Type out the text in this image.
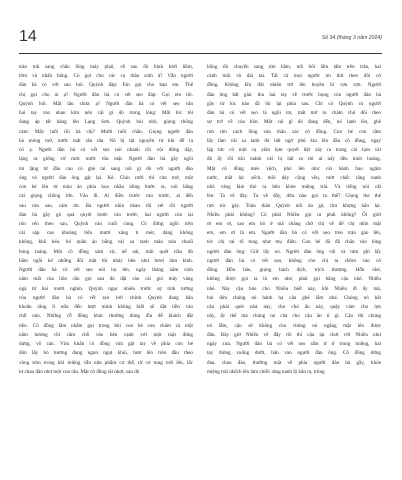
14	Số 34 (tháng 3 năm 2024)
tràn trải sang chân lông máy phải, về sau đó hình lưới liềm,
lờm và nhấn bông. Có gọi cho các cụ thân sinh ả? Vẫn người
đàn bà có với sao hỏi. Quỳnh đáp: Em gọi cho bạn em. Thế
chị gọi cho ai ạ? Người đàn bà có vết sẹo đáp: Gọi em tôi.
Quỳnh hỏi: Mặt lâu chưa ạ? Người đàn bà có vết sẹo vân
hai tay vào nhau kim nén cái gì đó trong lòng: Mất lúc tôi
đang áp tất hàng lên Lạng Sơn. Quỳnh hỏi nhỏ, giọng thông
cảm: Mấy tuổi rồi hả chị? Mười tuổi chẵn. Giọng người đàn
bà mỏng mờ, nước mắt rân rân. Nó bị tật nguyền từ khi để ra
cô ạ. Người đàn bà có vết sẹo nói nhanh rồi vội đứng dậy,
lặng ra giống vờ mức nước rửa mặt. Người đàn bà gầy ngồi
im lặng từ đầu cau có ghé tai sang nói gì đó với người đàn
ông và người đàn ông gật lại. Kẻ. Chín rưỡi thì cửa mở, một
con bé lên từ màu áo phía hoa nhầu hồng bước ra, nói bằng
cái giọng chồng lớn. Vào đi. Ai điền trước vào trước, ai đến
sau vào sau, cảm ơn. Ba người nhìn nhau rồi xét rồi người
đàn bà gầy gò quả quyết bước vào trước, hai người còn lại
rón rén theo sau, Quỳnh vào cuối cùng. Cô đứng ngồi trên
cái sập cao khoảng bốn mươi xăng ti mét, dáng không
không, khô héo, bó quần áo bằng vải xa tanh màu nón chuối
bóng loáng. Một cô đồng xám xịt, uể oải, mũi quết trầu đỏ
bầm ngồi kế những đôi mắt thì nháy bên như bươi làm kinh.
Người đàn bà có vết sẹo nói họ tên, ngày tháng năm sinh
năm mất của hồn cần gọi sau đó đặt vào cái giỏ mây vàng
ngà từ hai mươi nghìn. Quỳnh ngạc nhiên trước sự tinh tường
của người đàn bà có vết sẹo bởi chính Quỳnh đang băn
khoăn rằng lì nữa đến lượt mình không biết sẽ đặt tiền vào
chỗ nào. Những cỗ đồng khác thường dùng đĩa để khách đặt
tiền. Cô đồng lẩm nhẩm gọi trong khi con bé con chăm cà một
nắm hương rồi cắm chỗ vào bên cạnh với một mặt đứng
dựng, vô can. Vừa khấn cô đồng vừa gật tay về phía con bé
đón lấy bó hương đang ngun ngụt khói, hươ lên trên đầu theo
vòng tròn trong khi miệng vẫn nửa phẩm cơ thể, từ cơ tung trời lên, lấc
lư chao đảo như một con rắn. Mặt cô đồng tái nhợt, sau đó
hồng rồi chuyển sang tím bầm, mồ hôi lấm tấm trên trán, hai
cánh mũi và dái tai. Tất cả mọi người im thít theo dõi cô
đồng. Không khí đột nhiên trở lên huyền bí rợn rợn. Người
đàn ông bắt giác thu hai tay về trước bụng còn người đàn bà
gầy từ lúc nào đã lùi lại phía sau. Chỉ có Quỳnh và người
đàn bà có vết sẹo là ngồi im, mắt mở to chăm chú dõi theo
sự trở về của hồn. Một cái gì đó đang đến, nó lạnh lẽo, ghê
rợn tìm cách lồng vào thân xác cô đồng. Con bé con cầm
lấy tầm vải sa tanh đỏ bất ngờ phủ kín lên đầu cô đồng, ngay
lập tức cô một cụ yếm lọm quyết liệt xảy ra trong cái lụm vải
đỏ ấy rồi khi mảnh vải bị hất ra thì ai nấy đều kinh hoàng.
Mặt cô đồng méo xệch, phù lên như cái bánh bao ngâm
nước, mắt lác xếch, mồi dày cộng vều, mớt chấc răng nanh
nhô vàng khè thò ra bên khóe miệng trái. Và tiếng nói cất
lên: Ta về đây. Ta về đây, đứa nào gọi ta thế? Giọng the thé
rợn tóc gáy. Toàn thân Quỳnh nổi da gà, tim khựng hẳn lại.
Nhiều phải không? Cô phải Nhiều gọi ta phải không? Ôi giời
ơi em ơi, sao em bỏ ở mà chẳng chờ chị về để chị nhìn mặt
em, em ơi là em. Người đàn bà có vết sẹo trèo tràn gào lên,
tóc chị tai tổ tung như mụ điên. Con bé đã đã chắn vào lòng
người đàn ông: Giữ lấy nó. Người đàn ông vội và túm ghì lấy
người đàn bà có vết sẹo, không cho chị ta chồm vào cô
đồng. Hồn bảo, giọng hách dịch, trịch thượng. Hỗn nhẻ,
không được gọi ta là em nhé, phải gọi bằng cậu nhé. Nhiều
nhé. Này cậu bảo cho Nhiều biết này, khi Nhiều đi ấy mà,
hai đứa chúng nó hành hạ cậu ghê lắm nhé. Chúng nó bắt
cậu phải quét nhà này, cho chó ăn này, quậy cám cho lợn
này, ấy thế mà chúng nó chả cho cậu ăn tí gì. Cậu thì chúng
nó lẫm, cậu sẽ không cho chúng nó ngẩng mặt lên được
đâu. Bây giờ Nhiều về đây rồi thì cậu lại chơi với Nhiều như
ngày xưa. Người đàn bà có vết sẹo rấm ứ ở trong miệng, hai
tay thông xuống dưới, hẳn vào người đàn ông. Cô đồng dừng
đua, chao đảo, thường mặt về phía người đàn bà gầy, khóe
miệng trái nhếch lên làm chiếc răng nanh lộ hẳn ra, trông
